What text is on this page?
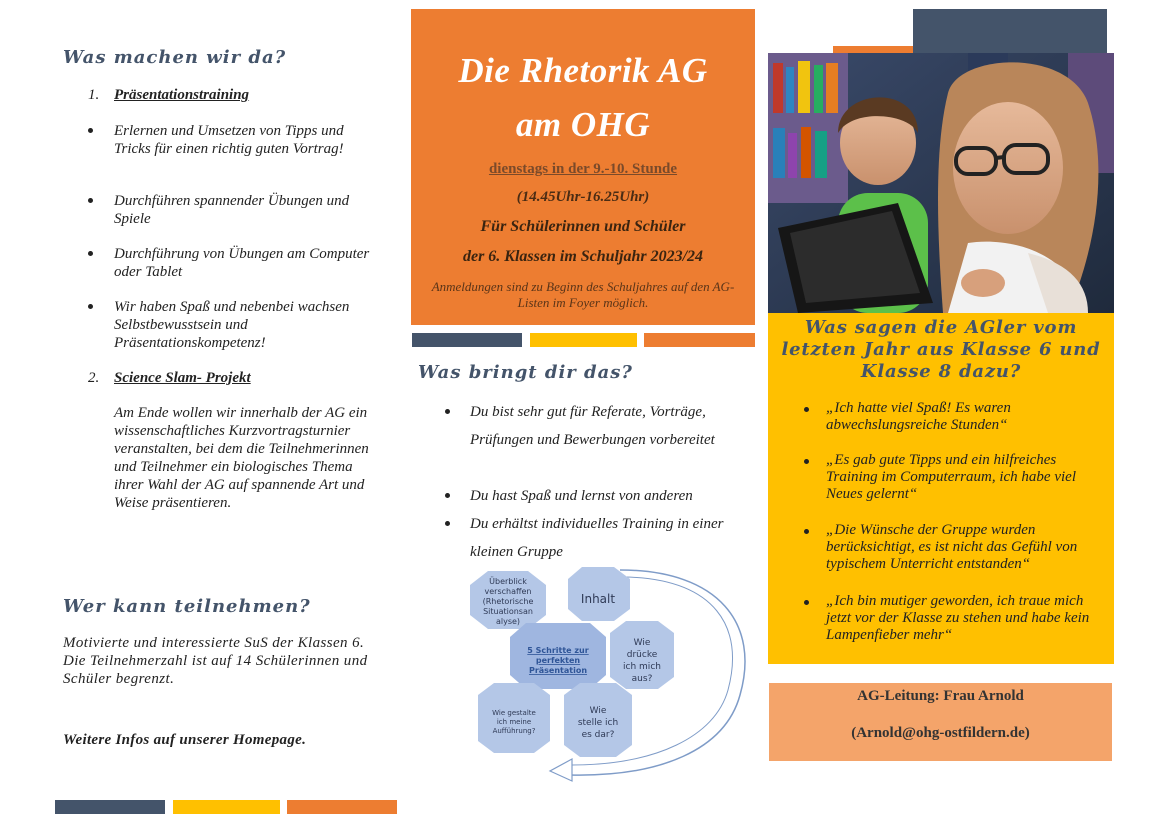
Was machen wir da?
1. Präsentationstraining
Erlernen und Umsetzen von Tipps und Tricks für einen richtig guten Vortrag!
Durchführen spannender Übungen und Spiele
Durchführung von Übungen am Computer oder Tablet
Wir haben Spaß und nebenbei wachsen Selbstbewusstsein und Präsentationskompetenz!
2. Science Slam- Projekt
Am Ende wollen wir innerhalb der AG ein wissenschaftliches Kurzvortragsturnier veranstalten, bei dem die Teilnehmerinnen und Teilnehmer ein biologisches Thema ihrer Wahl der AG auf spannende Art und Weise präsentieren.
Wer kann teilnehmen?
Motivierte und interessierte SuS der Klassen 6. Die Teilnehmerzahl ist auf 14 Schülerinnen und Schüler begrenzt.
Weitere Infos auf unserer Homepage.
Die Rhetorik AG
am OHG
dienstags in der 9.-10. Stunde
(14.45Uhr-16.25Uhr)
Für Schülerinnen und Schüler
der 6. Klassen im Schuljahr 2023/24
Anmeldungen sind zu Beginn des Schuljahres auf den AG-Listen im Foyer möglich.
Was bringt dir das?
Du bist sehr gut für Referate, Vorträge, Prüfungen und Bewerbungen vorbereitet
Du hast Spaß und lernst von anderen
Du erhältst individuelles Training in einer kleinen Gruppe
Überblick verschaffen (Rhetorische Situationsan alyse)
Inhalt
5 Schritte zur perfekten Präsentation
Wie drücke ich mich aus?
Wie stelle ich es dar?
Wie gestalte ich meine Aufführung?
Was sagen die AGler vom letzten Jahr aus Klasse 6 und Klasse 8 dazu?
„Ich hatte viel Spaß! Es waren abwechslungsreiche Stunden“
„Es gab gute Tipps und ein hilfreiches Training im Computerraum, ich habe viel Neues gelernt“
„Die Wünsche der Gruppe wurden berücksichtigt, es ist nicht das Gefühl von typischem Unterricht entstanden“
„Ich bin mutiger geworden, ich traue mich jetzt vor der Klasse zu stehen und habe kein Lampenfieber mehr“
AG-Leitung: Frau Arnold
(Arnold@ohg-ostfildern.de)
